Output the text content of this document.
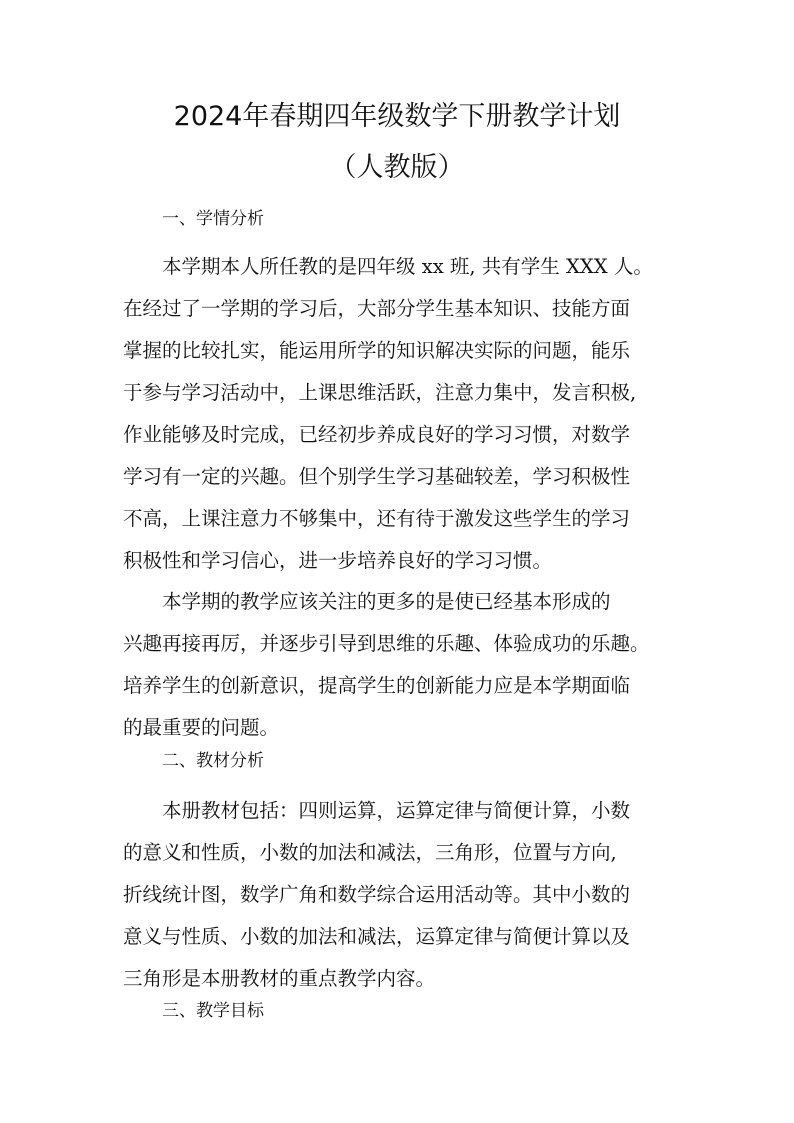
2024年春期四年级数学下册教学计划
（人教版）
一、学情分析

本学期本人所任教的是四年级 xx 班, 共有学生 XXX 人。
在经过了一学期的学习后，大部分学生基本知识、技能方面
掌握的比较扎实，能运用所学的知识解决实际的问题，能乐
于参与学习活动中，上课思维活跃，注意力集中，发言积极,
作业能够及时完成，已经初步养成良好的学习习惯，对数学
学习有一定的兴趣。但个别学生学习基础较差，学习积极性
不高，上课注意力不够集中，还有待于激发这些学生的学习
积极性和学习信心，进一步培养良好的学习习惯。

本学期的教学应该关注的更多的是使已经基本形成的
兴趣再接再厉，并逐步引导到思维的乐趣、体验成功的乐趣。
培养学生的创新意识，提高学生的创新能力应是本学期面临
的最重要的问题。

二、教材分析

本册教材包括：四则运算，运算定律与简便计算，小数
的意义和性质，小数的加法和减法，三角形，位置与方向,
折线统计图，数学广角和数学综合运用活动等。其中小数的
意义与性质、小数的加法和减法，运算定律与简便计算以及
三角形是本册教材的重点教学内容。

三、教学目标
